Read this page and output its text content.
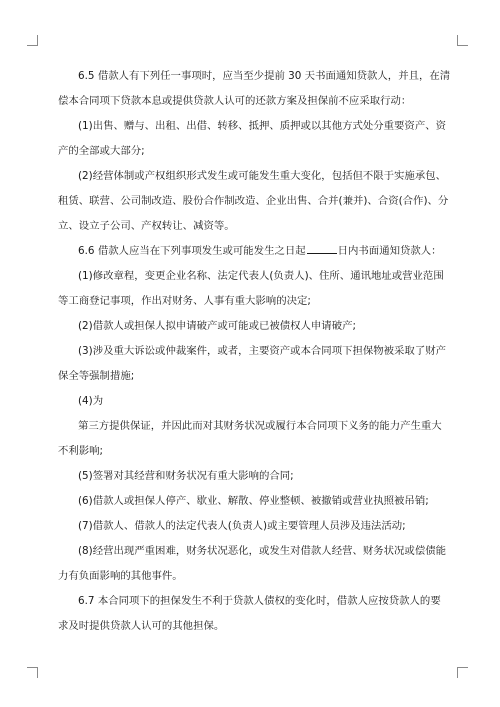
6.5 借款人有下列任一事项时，应当至少提前 30 天书面通知贷款人，并且，在清
偿本合同项下贷款本息或提供贷款人认可的还款方案及担保前不应采取行动：
(1)出售、赠与、出租、出借、转移、抵押、质押或以其他方式处分重要资产、资
产的全部或大部分;
(2)经营体制或产权组织形式发生或可能发生重大变化，包括但不限于实施承包、
租赁、联营、公司制改造、股份合作制改造、企业出售、合并(兼并)、合资(合作)、分
立、设立子公司、产权转让、减资等。
6.6 借款人应当在下列事项发生或可能发生之日起	日内书面通知贷款人：
(1)修改章程，变更企业名称、法定代表人(负责人)、住所、通讯地址或营业范围
等工商登记事项，作出对财务、人事有重大影响的决定;
(2)借款人或担保人拟申请破产或可能或已被债权人申请破产;
(3)涉及重大诉讼或仲裁案件，或者，主要资产或本合同项下担保物被采取了财产
保全等强制措施;
(4)为
第三方提供保证，并因此而对其财务状况或履行本合同项下义务的能力产生重大
不利影响;
(5)签署对其经营和财务状况有重大影响的合同;
(6)借款人或担保人停产、歇业、解散、停业整顿、被撤销或营业执照被吊销;
(7)借款人、借款人的法定代表人(负责人)或主要管理人员涉及违法活动;
(8)经营出现严重困难，财务状况恶化，或发生对借款人经营、财务状况或偿债能
力有负面影响的其他事件。
6.7 本合同项下的担保发生不利于贷款人债权的变化时，借款人应按贷款人的要
求及时提供贷款人认可的其他担保。
